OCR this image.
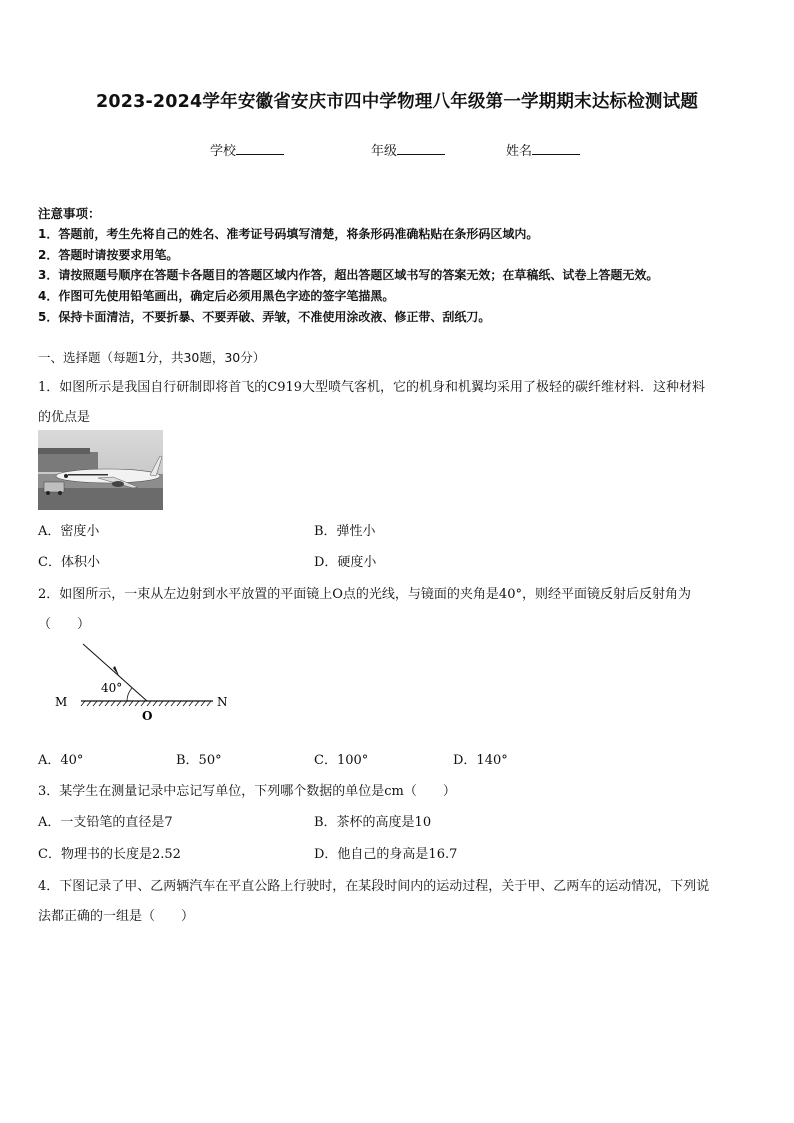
2023-2024学年安徽省安庆市四中学物理八年级第一学期期末达标检测试题
学校	年级	姓名
注意事项：
1．答题前，考生先将自己的姓名、准考证号码填写清楚，将条形码准确粘贴在条形码区域内。
2．答题时请按要求用笔。
3．请按照题号顺序在答题卡各题目的答题区域内作答，超出答题区域书写的答案无效；在草稿纸、试卷上答题无效。
4．作图可先使用铅笔画出，确定后必须用黑色字迹的签字笔描黑。
5．保持卡面清洁，不要折暴、不要弄破、弄皱，不准使用涂改液、修正带、刮纸刀。
一、选择题（每题1分，共30题，30分）
1．如图所示是我国自行研制即将首飞的C919大型喷气客机，它的机身和机翼均采用了极轻的碳纤维材料．这种材料
的优点是
A．密度小	B．弹性小
C．体积小	D．硬度小
2．如图所示，一束从左边射到水平放置的平面镜上O点的光线，与镜面的夹角是40°，则经平面镜反射后反射角为
（　　）
40°
M	N
O
A．40°	B．50°	C．100°	D．140°
3．某学生在测量记录中忘记写单位，下列哪个数据的单位是cm（　　）
A．一支铅笔的直径是7	B．茶杯的高度是10
C．物理书的长度是2.52	D．他自己的身高是16.7
4．下图记录了甲、乙两辆汽车在平直公路上行驶时，在某段时间内的运动过程，关于甲、乙两车的运动情况，下列说
法都正确的一组是（　　）
